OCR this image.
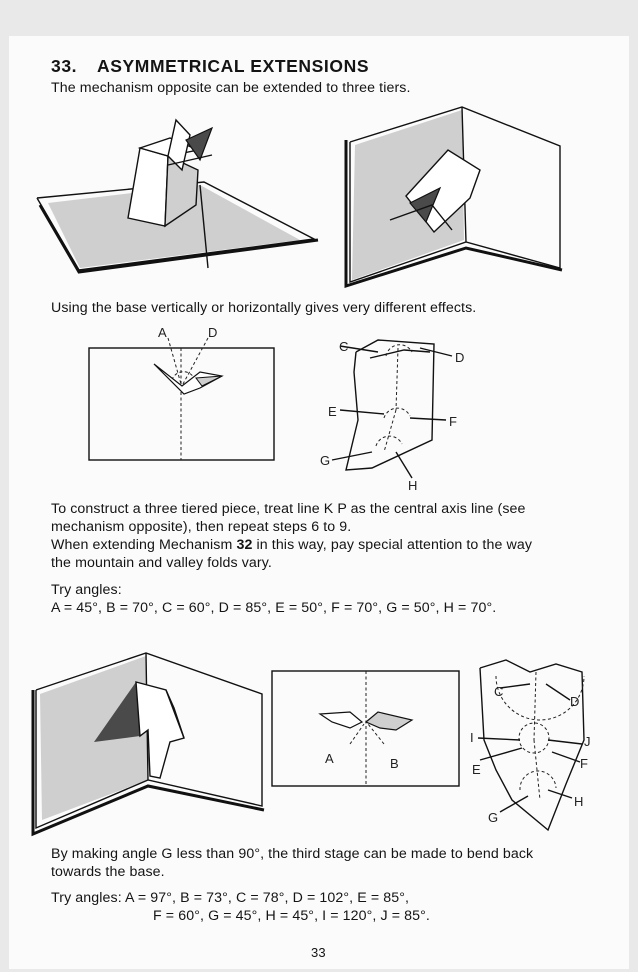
33. ASYMMETRICAL EXTENSIONS
The mechanism opposite can be extended to three tiers.
Using the base vertically or horizontally gives very different effects.
A	D
C
D
E
F
G
H
To construct a three tiered piece, treat line K P as the central axis line (see
mechanism opposite), then repeat steps 6 to 9.
When extending Mechanism 32 in this way, pay special attention to the way
the mountain and valley folds vary.
Try angles:
A = 45°, B = 70°, C = 60°, D = 85°, E = 50°, F = 70°, G = 50°, H = 70°.
A	B
C
D
I	J
E	F
G
H
By making angle G less than 90°, the third stage can be made to bend back
towards the base.
Try angles: A = 97°, B = 73°, C = 78°, D = 102°, E = 85°,
F = 60°, G = 45°, H = 45°, I = 120°, J = 85°.
33
